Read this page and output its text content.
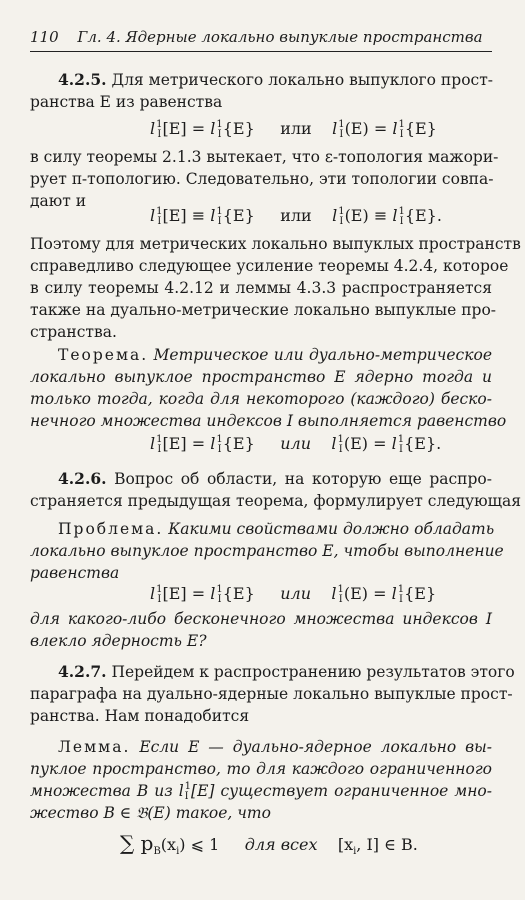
110 Гл. 4. Ядерные локально выпуклые пространства
4.2.5. Для метрического локально выпуклого прост-
ранства E из равенства
l1
I[E] = l1
I{E}     или l1
I(E) = l1
I{E}
в силу теоремы 2.1.3 вытекает, что ε-топология мажори-
рует π-топологию. Следовательно, эти топологии совпа-
дают и
l1
I[E] ≡ l1
I{E}     или l1
I(E) ≡ l1
I{E}.
Поэтому для метрических локально выпуклых пространств
справедливо следующее усиление теоремы 4.2.4, которое
в силу теоремы 4.2.12 и леммы 4.3.3 распространяется
также на дуально-метрические локально выпуклые про-
странства.
Теорема. Метрическое или дуально-метрическое
локально выпуклое пространство E ядерно тогда и
только тогда, когда для некоторого (каждого) беско-
нечного множества индексов I выполняется равенство
l1
I[E] = l1
I{E}     или l1
I(E) = l1
I{E}.
4.2.6. Вопрос об области, на которую еще распро-
страняется предыдущая теорема, формулирует следующая
Проблема. Какими свойствами должно обладать
локально выпуклое пространство E, чтобы выполнение
равенства
l1
I[E] = l1
I{E}     или l1
I(E) = l1
I{E}
для какого-либо бесконечного множества индексов I
влекло ядерность E?
4.2.7. Перейдем к распространению результатов этого
параграфа на дуально-ядерные локально выпуклые прост-
ранства. Нам понадобится
Лемма. Если E — дуально-ядерное локально вы-
пуклое пространство, то для каждого ограниченного
множества B из l1
I [E] существует ограниченное мно-
жество B ∈ 𝔅(E) такое, что
∑ $p_B(x_i)$ ⩽ 1 для всех [$x_i$, I] ∈ B.
